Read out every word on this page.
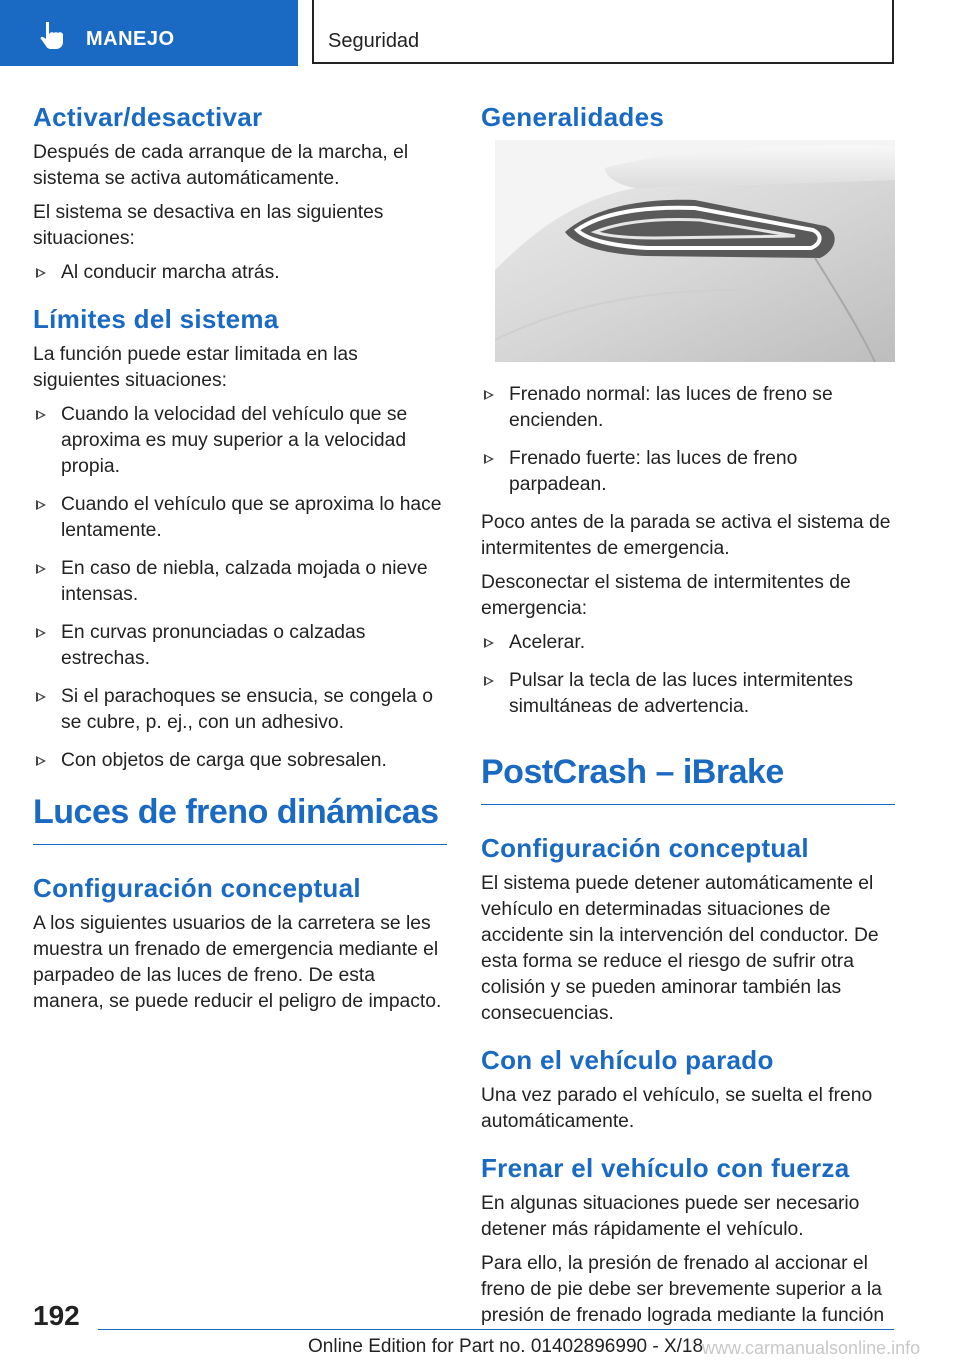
MANEJO	Seguridad
Activar/desactivar

Después de cada arranque de la marcha, el sistema se activa automáticamente.

El sistema se desactiva en las siguientes situaciones:

Al conducir marcha atrás.
Límites del sistema

La función puede estar limitada en las siguientes situaciones:

Cuando la velocidad del vehículo que se aproxima es muy superior a la velocidad propia.
Cuando el vehículo que se aproxima lo hace lentamente.
En caso de niebla, calzada mojada o nieve intensas.
En curvas pronunciadas o calzadas estrechas.
Si el parachoques se ensucia, se congela o se cubre, p. ej., con un adhesivo.
Con objetos de carga que sobresalen.
Luces de freno dinámicas
Configuración conceptual

A los siguientes usuarios de la carretera se les muestra un frenado de emergencia mediante el parpadeo de las luces de freno. De esta manera, se puede reducir el peligro de impacto.

Generalidades
Frenado normal: las luces de freno se encienden.
Frenado fuerte: las luces de freno parpadean.

Poco antes de la parada se activa el sistema de intermitentes de emergencia.

Desconectar el sistema de intermitentes de emergencia:

Acelerar.
Pulsar la tecla de las luces intermitentes simultáneas de advertencia.
PostCrash – iBrake
Configuración conceptual

El sistema puede detener automáticamente el vehículo en determinadas situaciones de accidente sin la intervención del conductor. De esta forma se reduce el riesgo de sufrir otra colisión y se pueden aminorar también las consecuencias.

Con el vehículo parado

Una vez parado el vehículo, se suelta el freno automáticamente.

Frenar el vehículo con fuerza

En algunas situaciones puede ser necesario detener más rápidamente el vehículo.

Para ello, la presión de frenado al accionar el freno de pie debe ser brevemente superior a la presión de frenado lograda mediante la función

192
Online Edition for Part no. 01402896990 - X/18
www.carmanualsonline.info
